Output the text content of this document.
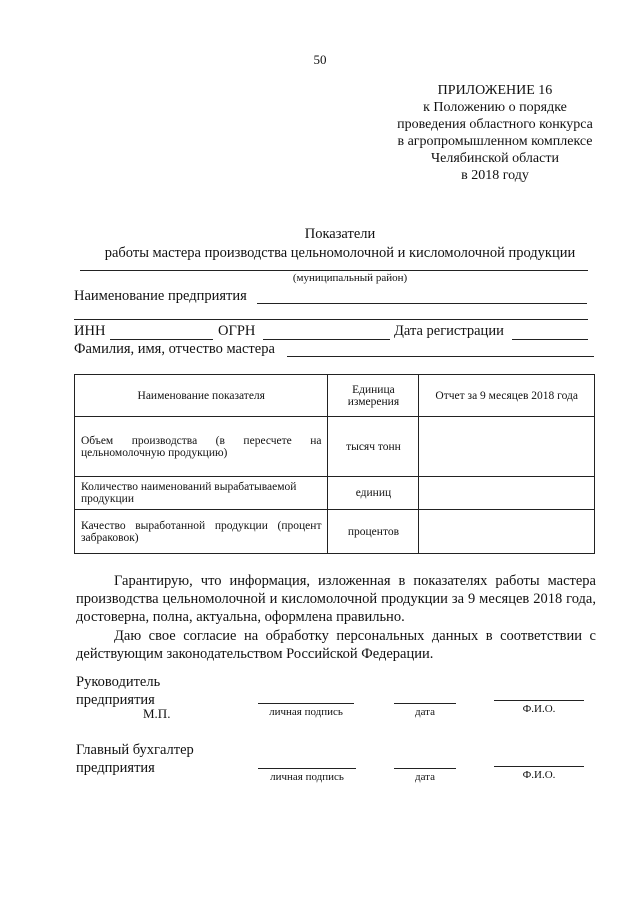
50
ПРИЛОЖЕНИЕ 16
к Положению о порядке
проведения областного конкурса
в агропромышленном комплексе
Челябинской области
в 2018 году
Показатели
работы мастера производства цельномолочной и кисломолочной продукции
(муниципальный район)
Наименование предприятия
ИНН	ОГРН	Дата регистрации
Фамилия, имя, отчество мастера
Наименование показателя	Единица измерения	Отчет за 9 месяцев 2018 года
Объем производства (в пересчете на цельномолочную продукцию)	тысяч тонн	
Количество наименований вырабатываемой продукции	единиц	
Качество выработанной продукции (процент забраковок)	процентов	
Гарантирую, что информация, изложенная в показателях работы мастера производства цельномолочной и кисломолочной продукции за 9 месяцев 2018 года, достоверна, полна, актуальна, оформлена правильно.
Даю свое согласие на обработку персональных данных в соответствии с действующим законодательством Российской Федерации.
Руководитель
предприятия
М.П.	личная подпись	дата	Ф.И.О.
Главный бухгалтер
предприятия
личная подпись	дата	Ф.И.О.
